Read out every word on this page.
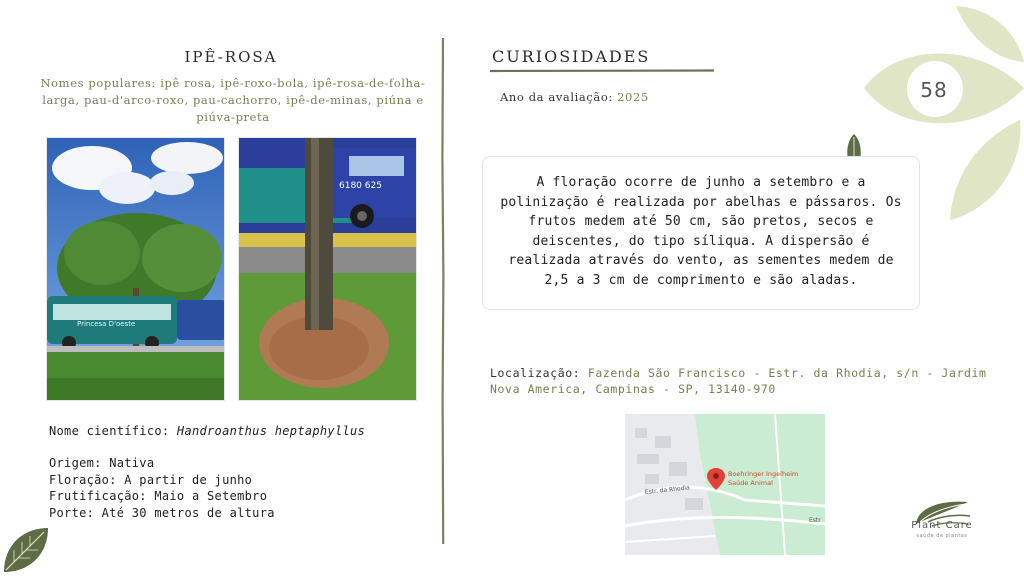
58
IPÊ-ROSA
Nomes populares: ipê rosa, ipê-roxo-bola, ipê-rosa-de-folha-larga, pau-d'arco-roxo, pau-cachorro, ipê-de-minas, piúna e piúva-preta
Princesa D'oeste
6180 625
Nome científico: Handroanthus heptaphyllus
Origem: Nativa
Floração: A partir de junho
Frutificação: Maio a Setembro
Porte: Até 30 metros de altura
CURIOSIDADES
Ano da avaliação: 2025
A floração ocorre de junho a setembro e a polinização é realizada por abelhas e pássaros. Os frutos medem até 50 cm, são pretos, secos e deiscentes, do tipo síliqua. A dispersão é realizada através do vento, as sementes medem de 2,5 a 3 cm de comprimento e são aladas.
Localização: Fazenda São Francisco - Estr. da Rhodia, s/n - Jardim Nova America, Campinas - SP, 13140-970
Estr. da Rhodia
Estr
Boehringer Ingelheim
Saúde Animal
Plant Care
saúde de plantas
